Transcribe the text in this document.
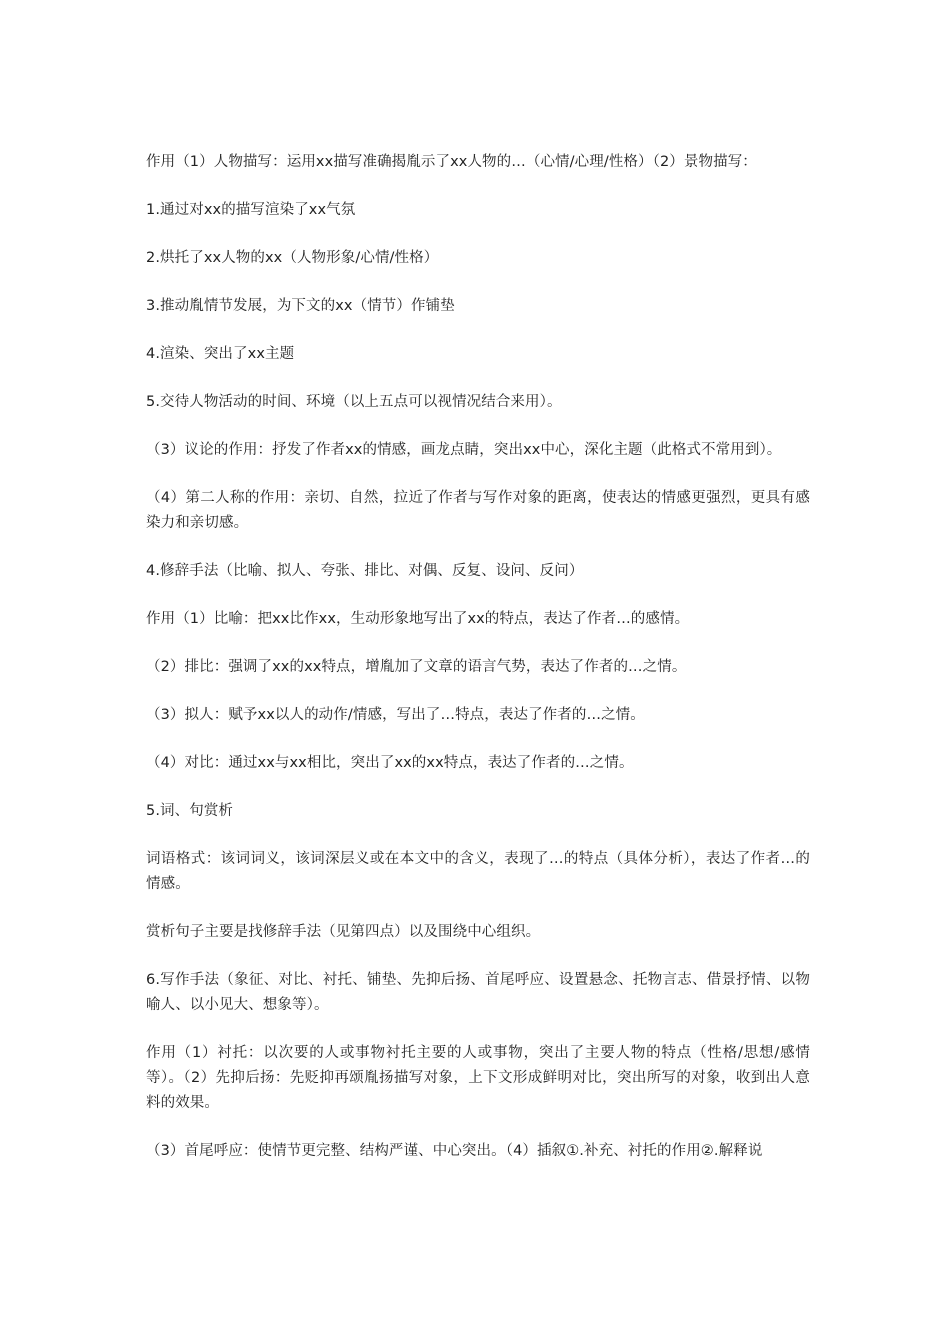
作用（1）人物描写：运用xx描写准确揭胤示了xx人物的…（心情/心理/性格）（2）景物描写：

1.通过对xx的描写渲染了xx气氛

2.烘托了xx人物的xx（人物形象/心情/性格）

3.推动胤情节发展，为下文的xx（情节）作铺垫

4.渲染、突出了xx主题

5.交待人物活动的时间、环境（以上五点可以视情况结合来用）。

（3）议论的作用：抒发了作者xx的情感，画龙点睛，突出xx中心，深化主题（此格式不常用到）。

（4）第二人称的作用：亲切、自然，拉近了作者与写作对象的距离，使表达的情感更强烈，更具有感染力和亲切感。

4.修辞手法（比喻、拟人、夸张、排比、对偶、反复、设问、反问）

作用（1）比喻：把xx比作xx，生动形象地写出了xx的特点，表达了作者…的感情。

（2）排比：强调了xx的xx特点，增胤加了文章的语言气势，表达了作者的…之情。

（3）拟人：赋予xx以人的动作/情感，写出了…特点，表达了作者的…之情。

（4）对比：通过xx与xx相比，突出了xx的xx特点，表达了作者的…之情。

5.词、句赏析

词语格式：该词词义，该词深层义或在本文中的含义，表现了…的特点（具体分析），表达了作者…的情感。

赏析句子主要是找修辞手法（见第四点）以及围绕中心组织。

6.写作手法（象征、对比、衬托、铺垫、先抑后扬、首尾呼应、设置悬念、托物言志、借景抒情、以物喻人、以小见大、想象等）。

作用（1）衬托：以次要的人或事物衬托主要的人或事物，突出了主要人物的特点（性格/思想/感情等）。（2）先抑后扬：先贬抑再颂胤扬描写对象，上下文形成鲜明对比，突出所写的对象，收到出人意料的效果。

（3）首尾呼应：使情节更完整、结构严谨、中心突出。（4）插叙①.补充、衬托的作用②.解释说
